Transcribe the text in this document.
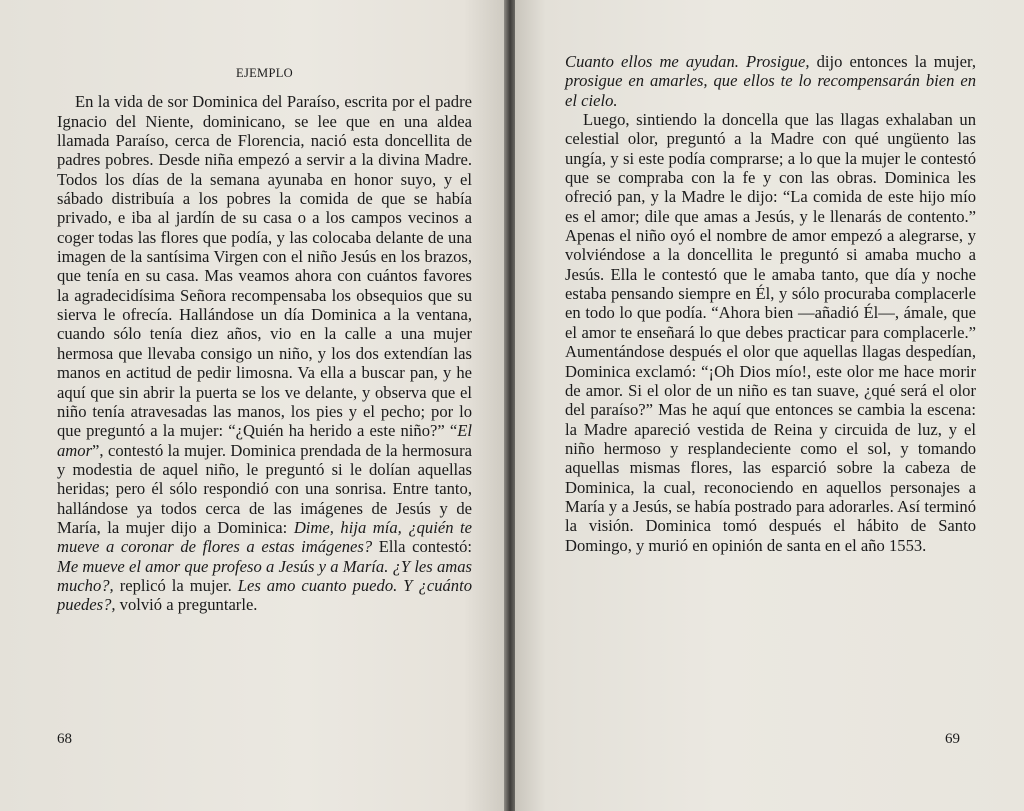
EJEMPLO

En la vida de sor Dominica del Paraíso, escrita por el padre Ignacio del Niente, dominicano, se lee que en una aldea llamada Paraíso, cerca de Florencia, nació esta doncellita de padres pobres. Desde niña empezó a servir a la divina Madre. Todos los días de la semana ayunaba en honor suyo, y el sábado distribuía a los pobres la comida de que se había privado, e iba al jardín de su casa o a los campos vecinos a coger todas las flores que podía, y las colocaba delante de una imagen de la santísima Virgen con el niño Jesús en los brazos, que tenía en su casa. Mas veamos ahora con cuántos favores la agradecidísima Señora recompensaba los obsequios que su sierva le ofrecía. Hallándose un día Dominica a la ventana, cuando sólo tenía diez años, vio en la calle a una mujer hermosa que llevaba consigo un niño, y los dos extendían las manos en actitud de pedir limosna. Va ella a buscar pan, y he aquí que sin abrir la puerta se los ve delante, y observa que el niño tenía atravesadas las manos, los pies y el pecho; por lo que preguntó a la mujer: “¿Quién ha herido a este niño?” “El amor”, contestó la mujer. Dominica prendada de la hermosura y modestia de aquel niño, le preguntó si le dolían aquellas heridas; pero él sólo respondió con una sonrisa. Entre tanto, hallándose ya todos cerca de las imágenes de Jesús y de María, la mujer dijo a Dominica: Dime, hija mía, ¿quién te mueve a coronar de flores a estas imágenes? Ella contestó: Me mueve el amor que profeso a Jesús y a María. ¿Y les amas mucho?, replicó la mujer. Les amo cuanto puedo. Y ¿cuánto puedes?, volvió a preguntarle.

68

Cuanto ellos me ayudan. Prosigue, dijo entonces la mujer, prosigue en amarles, que ellos te lo recompensarán bien en el cielo.

Luego, sintiendo la doncella que las llagas exhalaban un celestial olor, preguntó a la Madre con qué ungüento las ungía, y si este podía comprarse; a lo que la mujer le contestó que se compraba con la fe y con las obras. Dominica les ofreció pan, y la Madre le dijo: “La comida de este hijo mío es el amor; dile que amas a Jesús, y le llenarás de contento.” Apenas el niño oyó el nombre de amor empezó a alegrarse, y volviéndose a la doncellita le preguntó si amaba mucho a Jesús. Ella le contestó que le amaba tanto, que día y noche estaba pensando siempre en Él, y sólo procuraba complacerle en todo lo que podía. “Ahora bien —añadió Él—, ámale, que el amor te enseñará lo que debes practicar para complacerle.” Aumentándose después el olor que aquellas llagas despedían, Dominica exclamó: “¡Oh Dios mío!, este olor me hace morir de amor. Si el olor de un niño es tan suave, ¿qué será el olor del paraíso?” Mas he aquí que entonces se cambia la escena: la Madre apareció vestida de Reina y circuida de luz, y el niño hermoso y resplandeciente como el sol, y tomando aquellas mismas flores, las esparció sobre la cabeza de Dominica, la cual, reconociendo en aquellos personajes a María y a Jesús, se había postrado para adorarles. Así terminó la visión. Dominica tomó después el hábito de Santo Domingo, y murió en opinión de santa en el año 1553.

69
